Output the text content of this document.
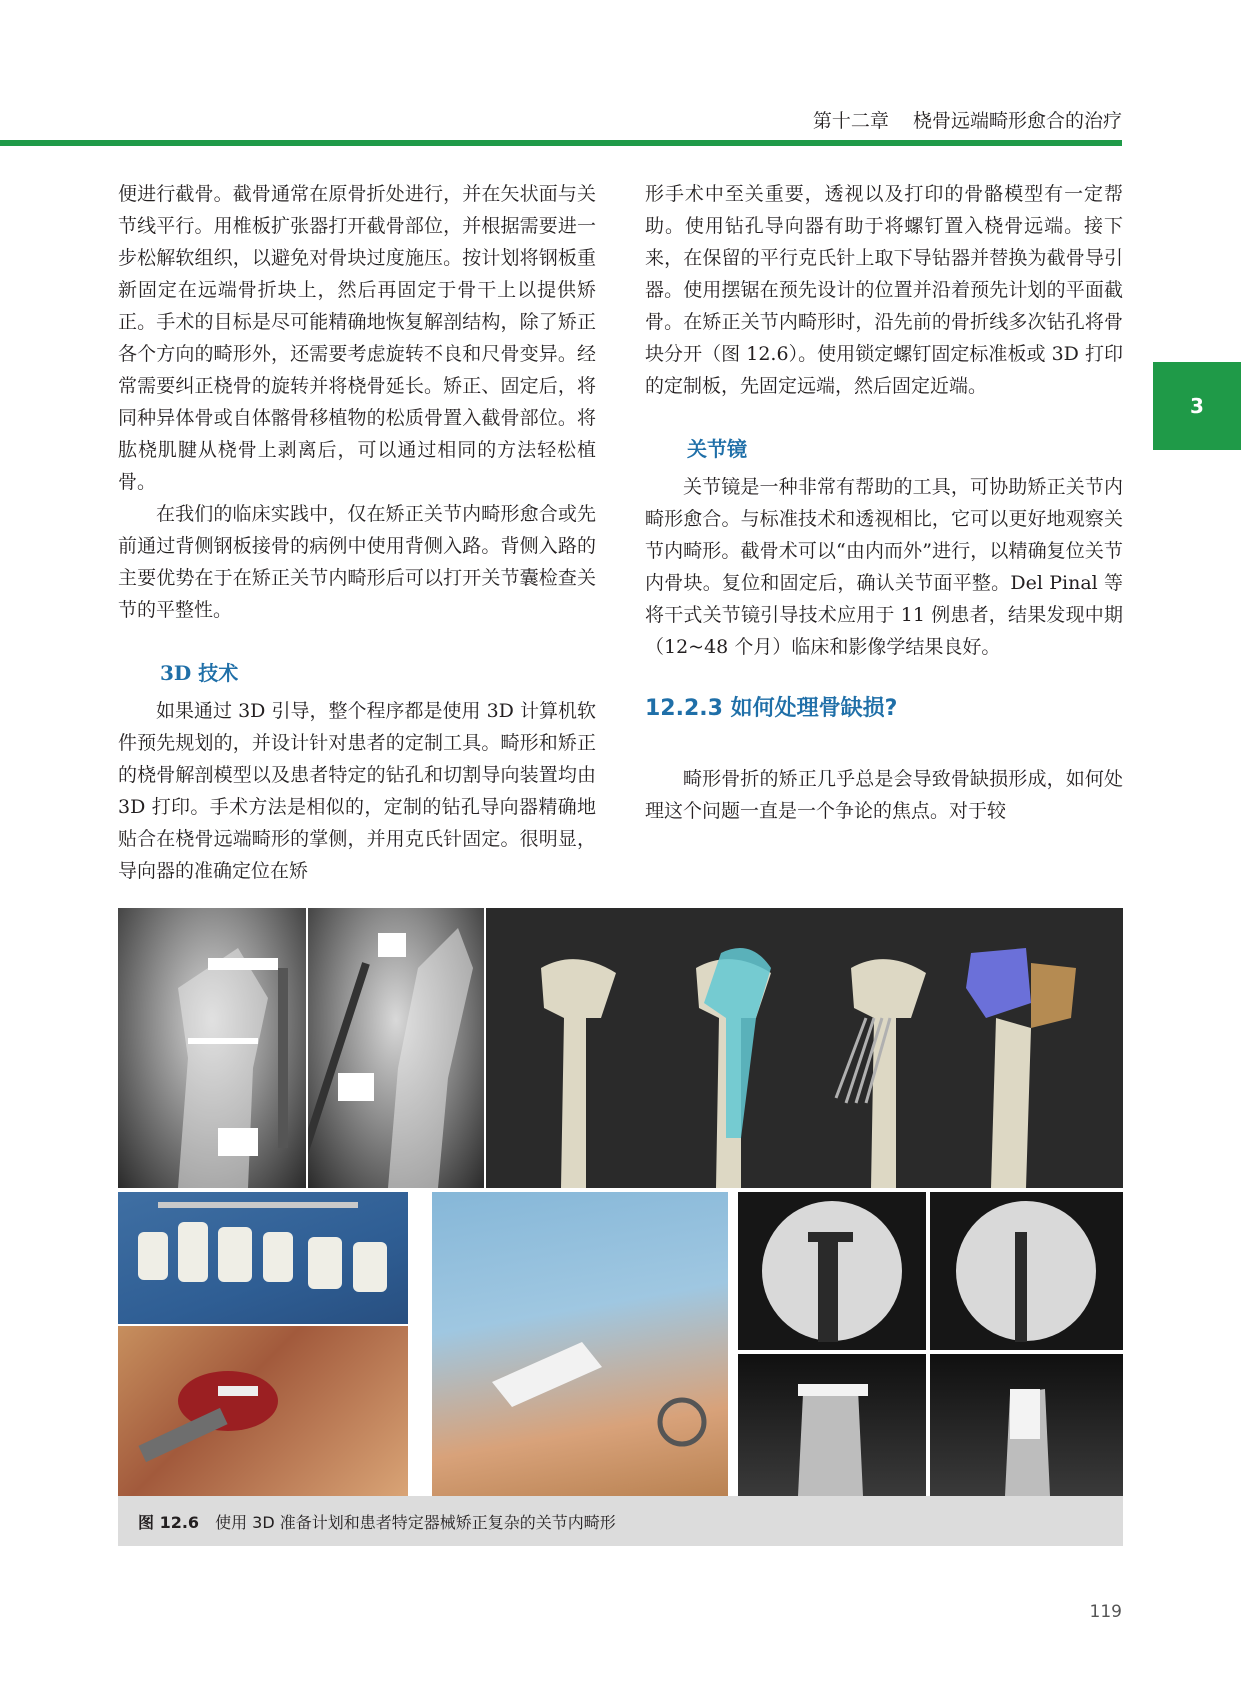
第十二章    桡骨远端畸形愈合的治疗
3

便进行截骨。截骨通常在原骨折处进行，并在矢状面与关节线平行。用椎板扩张器打开截骨部位，并根据需要进一步松解软组织，以避免对骨块过度施压。按计划将钢板重新固定在远端骨折块上，然后再固定于骨干上以提供矫正。手术的目标是尽可能精确地恢复解剖结构，除了矫正各个方向的畸形外，还需要考虑旋转不良和尺骨变异。经常需要纠正桡骨的旋转并将桡骨延长。矫正、固定后，将同种异体骨或自体髂骨移植物的松质骨置入截骨部位。将肱桡肌腱从桡骨上剥离后，可以通过相同的方法轻松植骨。

在我们的临床实践中，仅在矫正关节内畸形愈合或先前通过背侧钢板接骨的病例中使用背侧入路。背侧入路的主要优势在于在矫正关节内畸形后可以打开关节囊检查关节的平整性。

3D 技术

如果通过 3D 引导，整个程序都是使用 3D 计算机软件预先规划的，并设计针对患者的定制工具。畸形和矫正的桡骨解剖模型以及患者特定的钻孔和切割导向装置均由 3D 打印。手术方法是相似的，定制的钻孔导向器精确地贴合在桡骨远端畸形的掌侧，并用克氏针固定。很明显，导向器的准确定位在矫

形手术中至关重要，透视以及打印的骨骼模型有一定帮助。使用钻孔导向器有助于将螺钉置入桡骨远端。接下来，在保留的平行克氏针上取下导钻器并替换为截骨导引器。使用摆锯在预先设计的位置并沿着预先计划的平面截骨。在矫正关节内畸形时，沿先前的骨折线多次钻孔将骨块分开（图 12.6）。使用锁定螺钉固定标准板或 3D 打印的定制板，先固定远端，然后固定近端。

关节镜

关节镜是一种非常有帮助的工具，可协助矫正关节内畸形愈合。与标准技术和透视相比，它可以更好地观察关节内畸形。截骨术可以“由内而外”进行，以精确复位关节内骨块。复位和固定后，确认关节面平整。Del Pinal 等将干式关节镜引导技术应用于 11 例患者，结果发现中期（12~48 个月）临床和影像学结果良好。

12.2.3 如何处理骨缺损?

畸形骨折的矫正几乎总是会导致骨缺损形成，如何处理这个问题一直是一个争论的焦点。对于较

图 12.6 使用 3D 准备计划和患者特定器械矫正复杂的关节内畸形
119
